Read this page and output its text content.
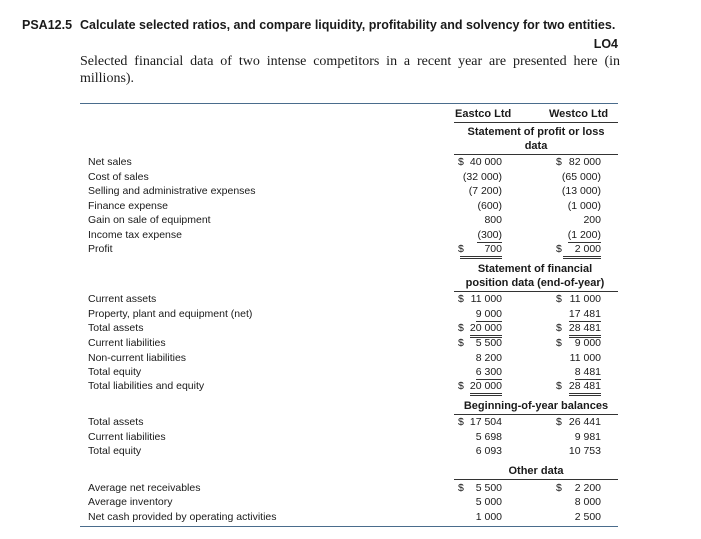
PSA12.5 Calculate selected ratios, and compare liquidity, profitability and solvency for two entities.
LO4
Selected financial data of two intense competitors in a recent year are presented here (in millions).
Eastco Ltd	Westco Ltd
Statement of profit or loss data
Net sales	$ 40 000	$ 82 000
Cost of sales	(32 000)	(65 000)
Selling and administrative expenses	(7 200)	(13 000)
Finance expense	(600)	(1 000)
Gain on sale of equipment	800	200
Income tax expense	(300)	(1 200)
Profit	$	700	$	2 000
Statement of financial position data (end-of-year)
Current assets	$ 11 000	$ 11 000
Property, plant and equipment (net)	9 000	17 481
Total assets	$ 20 000	$ 28 481
Current liabilities	$ 5 500	$ 9 000
Non-current liabilities	8 200	11 000
Total equity	6 300	8 481
Total liabilities and equity	$ 20 000	$ 28 481
Beginning-of-year balances
Total assets	$ 17 504	$ 26 441
Current liabilities	5 698	9 981
Total equity	6 093	10 753
Other data
Average net receivables	$ 5 500	$ 2 200
Average inventory	5 000	8 000
Net cash provided by operating activities	1 000	2 500
